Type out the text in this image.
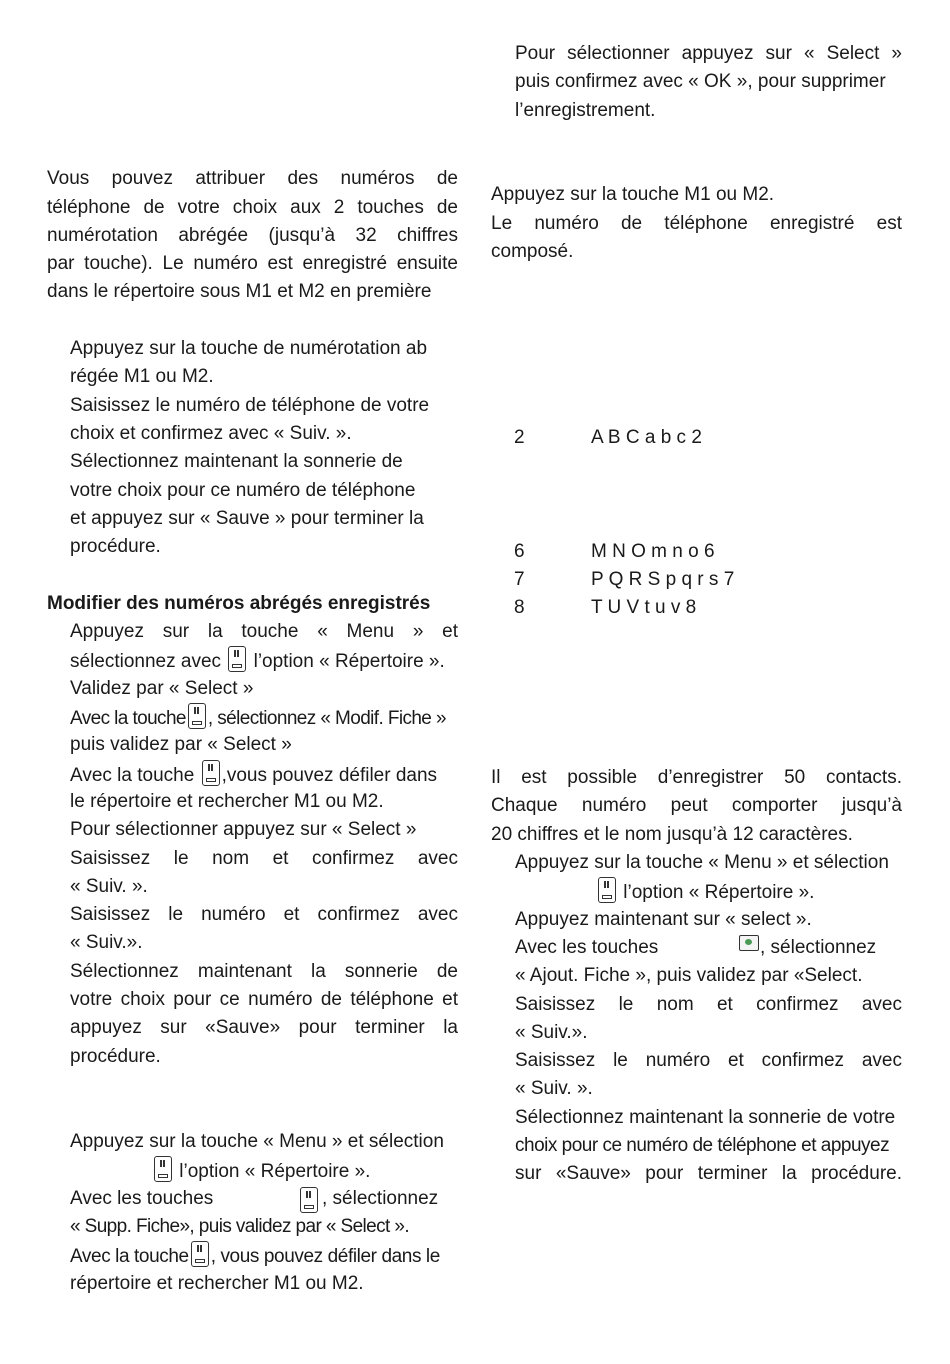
Pour sélectionner appuyez sur « Select »
puis confirmez avec « OK », pour supprimer
l’enregistrement.
Vous pouvez attribuer des numéros de
téléphone de votre choix aux 2 touches de
numérotation abrégée (jusqu’à 32 chiffres
par touche). Le numéro est enregistré ensuite
dans le répertoire sous M1 et M2 en première
Appuyez sur la touche de numérotation ab
régée M1 ou M2.
Saisissez le numéro de téléphone de votre
choix et confirmez avec « Suiv. ».
Sélectionnez maintenant la sonnerie de
votre choix pour ce numéro de téléphone
et appuyez sur « Sauve » pour terminer la
procédure.
Modifier des numéros abrégés enregistrés
Appuyez sur la touche « Menu » et
sélectionnez avec l’option « Répertoire ».
Validez par « Select »
Avec la touche , sélectionnez « Modif. Fiche »
puis validez par « Select »
Avec la touche ,vous pouvez défiler dans
le répertoire et rechercher M1 ou M2.
Pour sélectionner appuyez sur « Select »
Saisissez le nom et confirmez avec
« Suiv. ».
Saisissez le numéro et confirmez avec
« Suiv.».
Sélectionnez maintenant la sonnerie de
votre choix pour ce numéro de téléphone et
appuyez sur «Sauve» pour terminer la
procédure.
Appuyez sur la touche « Menu » et sélection
l’option « Répertoire ».
Avec les touches	, sélectionnez
« Supp. Fiche», puis validez par « Select ».
Avec la touche , vous pouvez défiler dans le
répertoire et rechercher M1 ou M2.
Appuyez sur la touche M1 ou M2.
Le numéro de téléphone enregistré est
composé.
2	A B C a b c 2
6	M N O m n o 6
7	P Q R S p q r s 7
8	T U V t u v 8
Il est possible d’enregistrer 50 contacts.
Chaque numéro peut comporter jusqu’à
20 chiffres et le nom jusqu’à 12 caractères.
Appuyez sur la touche « Menu » et sélection
l’option « Répertoire ».
Appuyez maintenant sur « select ».
Avec les touches	, sélectionnez
« Ajout. Fiche », puis validez par «Select.
Saisissez le nom et confirmez avec
« Suiv.».
Saisissez le numéro et confirmez avec
« Suiv. ».
Sélectionnez maintenant la sonnerie de votre
choix pour ce numéro de téléphone et appuyez
sur «Sauve» pour terminer la procédure.
